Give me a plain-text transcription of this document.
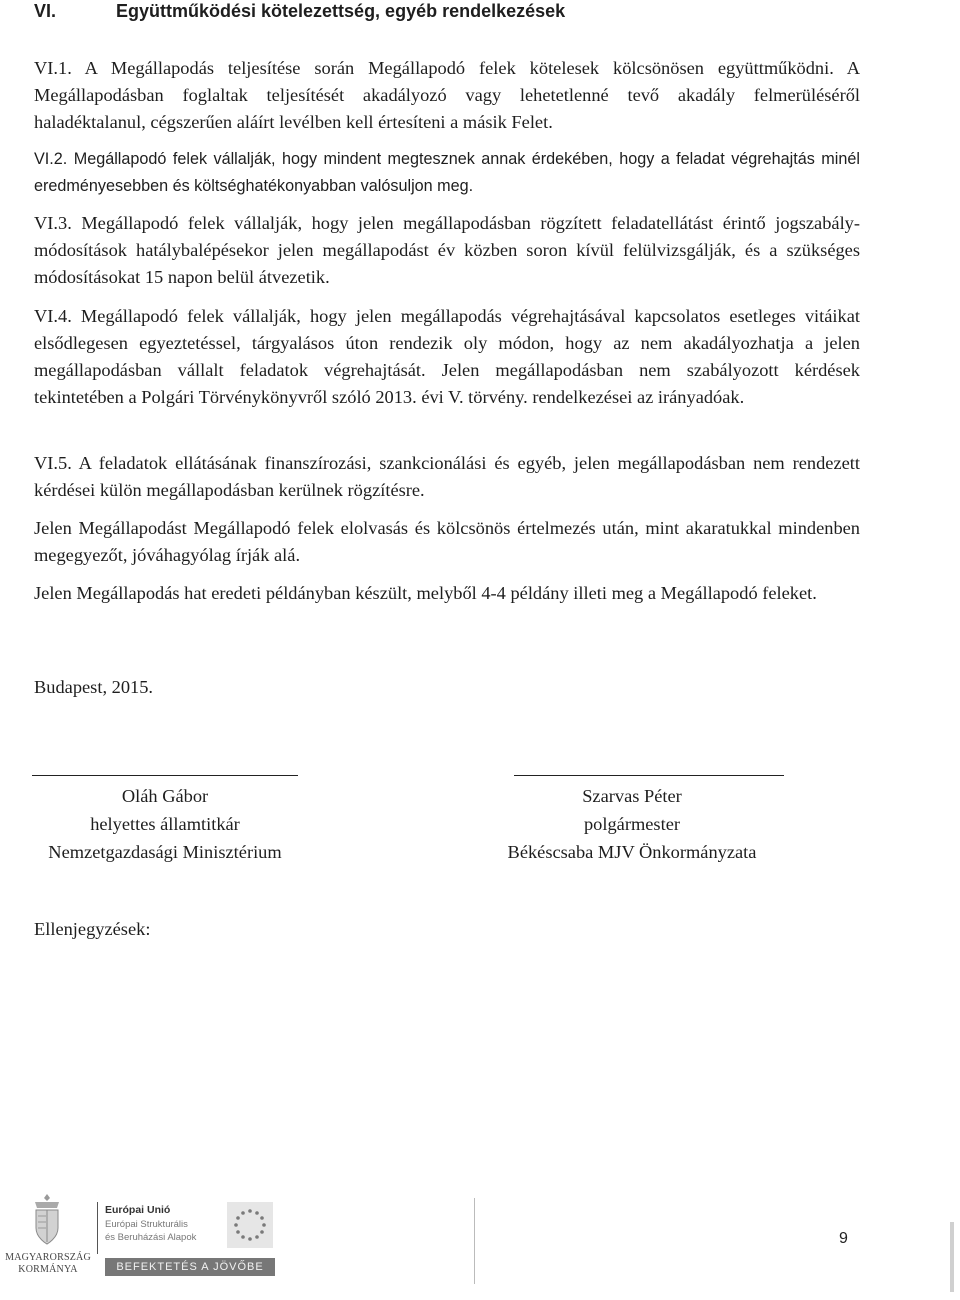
VI.	Együttműködési kötelezettség, egyéb rendelkezések

VI.1. A Megállapodás teljesítése során Megállapodó felek kötelesek kölcsönösen együttműködni. A Megállapodásban foglaltak teljesítését akadályozó vagy lehetetlenné tevő akadály felmerüléséről haladéktalanul, cégszerűen aláírt levélben kell értesíteni a másik Felet.

VI.2. Megállapodó felek vállalják, hogy mindent megtesznek annak érdekében, hogy a feladat végrehajtás minél eredményesebben és költséghatékonyabban valósuljon meg.

VI.3. Megállapodó felek vállalják, hogy jelen megállapodásban rögzített feladatellátást érintő jogszabály-módosítások hatálybalépésekor jelen megállapodást év közben soron kívül felülvizsgálják, és a szükséges módosításokat 15 napon belül átvezetik.

VI.4. Megállapodó felek vállalják, hogy jelen megállapodás végrehajtásával kapcsolatos esetleges vitáikat elsődlegesen egyeztetéssel, tárgyalásos úton rendezik oly módon, hogy az nem akadályozhatja a jelen megállapodásban vállalt feladatok végrehajtását. Jelen megállapodásban nem szabályozott kérdések tekintetében a Polgári Törvénykönyvről szóló 2013. évi V. törvény. rendelkezései az irányadóak.

VI.5. A feladatok ellátásának finanszírozási, szankcionálási és egyéb, jelen megállapodásban nem rendezett kérdései külön megállapodásban kerülnek rögzítésre.

Jelen Megállapodást Megállapodó felek elolvasás és kölcsönös értelmezés után, mint akaratukkal mindenben megegyezőt, jóváhagyólag írják alá.

Jelen Megállapodás hat eredeti példányban készült, melyből 4-4 példány illeti meg a Megállapodó feleket.

Budapest, 2015.

Oláh Gábor
helyettes államtitkár
Nemzetgazdasági Minisztérium
Szarvas Péter
polgármester
Békéscsaba MJV Önkormányzata

Ellenjegyzések:

MAGYARORSZÁG
KORMÁNYA
Európai Unió
Európai Strukturális
és Beruházási Alapok
BEFEKTETÉS A JÖVŐBE
9
